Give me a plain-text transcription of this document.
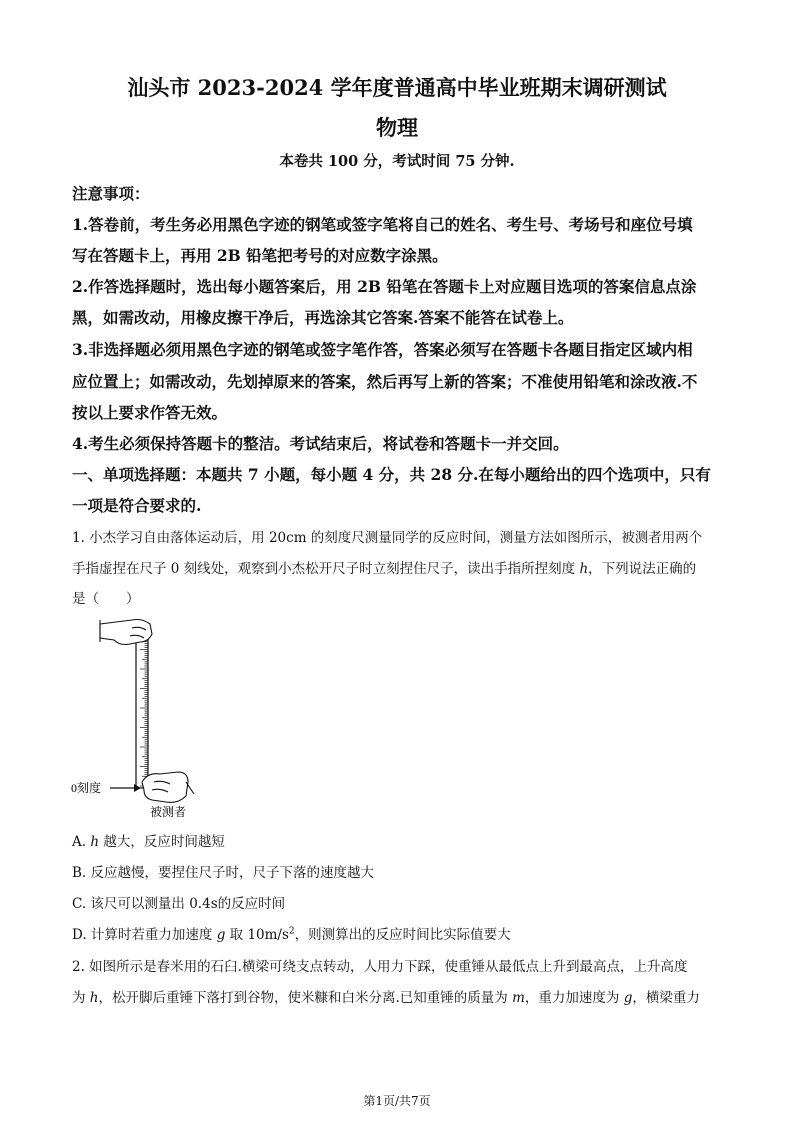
汕头市 2023-2024 学年度普通高中毕业班期末调研测试
物理
本卷共 100 分，考试时间 75 分钟.
注意事项：
1.答卷前，考生务必用黑色字迹的钢笔或签字笔将自己的姓名、考生号、考场号和座位号填
写在答题卡上，再用 2B 铅笔把考号的对应数字涂黑。
2.作答选择题时，选出每小题答案后，用 2B 铅笔在答题卡上对应题目选项的答案信息点涂
黑，如需改动，用橡皮擦干净后，再选涂其它答案.答案不能答在试卷上。
3.非选择题必须用黑色字迹的钢笔或签字笔作答，答案必须写在答题卡各题目指定区域内相
应位置上；如需改动，先划掉原来的答案，然后再写上新的答案；不准使用铅笔和涂改液.不
按以上要求作答无效。
4.考生必须保持答题卡的整洁。考试结束后，将试卷和答题卡一并交回。
一、单项选择题：本题共 7 小题，每小题 4 分，共 28 分.在每小题给出的四个选项中，只有
一项是符合要求的.
1. 小杰学习自由落体运动后，用 20cm 的刻度尺测量同学的反应时间，测量方法如图所示，被测者用两个
手指虚捏在尺子 0 刻线处，观察到小杰松开尺子时立刻捏住尺子，读出手指所捏刻度 h，下列说法正确的
是（　　）
0刻度
被测者
A. h 越大，反应时间越短
B. 反应越慢，要捏住尺子时，尺子下落的速度越大
C. 该尺可以测量出 0.4s的反应时间
D. 计算时若重力加速度 g 取 $10m/s^2$，则测算出的反应时间比实际值要大
2. 如图所示是春米用的石臼.横梁可绕支点转动，人用力下踩，使重锤从最低点上升到最高点，上升高度
为 h，松开脚后重锤下落打到谷物，使米糠和白米分离.已知重锤的质量为 m，重力加速度为 g，横梁重力
第1页/共7页
